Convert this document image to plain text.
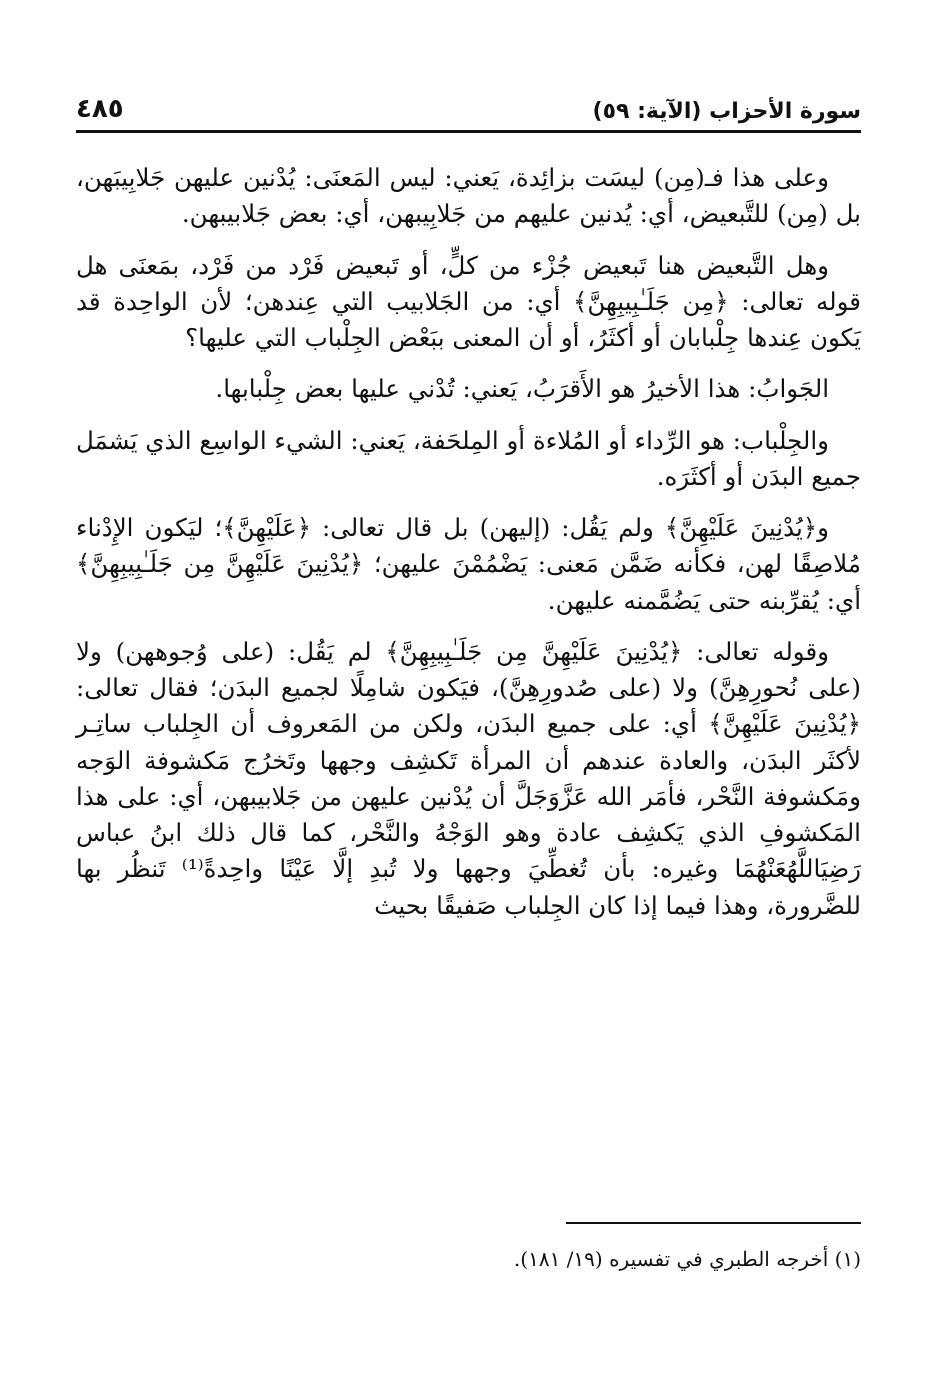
سورة الأحزاب (الآية: ٥٩)
٤٨٥

وعلى هذا فـ(مِن) ليسَت بزائِدة، يَعني: ليس المَعنَى: يُدْنين عليهن جَلابِيبَهن، بل (مِن) للتَّبعيض، أي: يُدنين عليهم من جَلابِيبهن، أي: بعض جَلابيبهن.

وهل التَّبعيض هنا تَبعيض جُزْء من كلٍّ، أو تَبعيض فَرْد من فَرْد، بمَعنَى هل قوله تعالى: ﴿مِن جَلَـٰبِيبِهِنَّ﴾ أي: من الجَلابيب التي عِندهن؛ لأن الواحِدة قد يَكون عِندها جِلْبابان أو أكثَرُ، أو أن المعنى ببَعْض الجِلْباب التي عليها؟

الجَوابُ: هذا الأخيرُ هو الأَقرَبُ، يَعني: تُدْني عليها بعض جِلْبابها.

والجِلْباب: هو الرِّداء أو المُلاءة أو المِلحَفة، يَعني: الشيء الواسِع الذي يَشمَل جميع البدَن أو أكثَرَه.

و﴿يُدْنِينَ عَلَيْهِنَّ﴾ ولم يَقُل: (إليهن) بل قال تعالى: ﴿عَلَيْهِنَّ﴾؛ ليَكون الإِدْناء مُلاصِقًا لهن، فكأنه ضَمَّن مَعنى: يَضْمُمْنَ عليهن؛ ﴿يُدْنِينَ عَلَيْهِنَّ مِن جَلَـٰبِيبِهِنَّ﴾ أي: يُقرِّبنه حتى يَضُمَّمنه عليهن.

وقوله تعالى: ﴿يُدْنِينَ عَلَيْهِنَّ مِن جَلَـٰبِيبِهِنَّ﴾ لم يَقُل: (على وُجوههن) ولا (على نُحورِهِنَّ) ولا (على صُدورِهِنَّ)، فيَكون شامِلًا لجميع البدَن؛ فقال تعالى: ﴿يُدْنِينَ عَلَيْهِنَّ﴾ أي: على جميع البدَن، ولكن من المَعروف أن الجِلباب ساتِـر لأكثَر البدَن، والعادة عندهم أن المرأة تَكشِف وجهها وتَخرُج مَكشوفة الوَجه ومَكشوفة النَّحْر، فأمَر الله عَزَّوَجَلَّ أن يُدْنين عليهن من جَلابيبهن، أي: على هذا المَكشوفِ الذي يَكشِف عادة وهو الوَجْهُ والنَّحْر، كما قال ذلك ابنُ عباس رَضِيَاللَّهُعَنْهُمَا وغيره: بأن تُغطِّيَ وجهها ولا تُبدِ إلَّا عَيْنًا واحِدةً⁽¹⁾ تَنظُر بها للضَّرورة، وهذا فيما إذا كان الجِلباب صَفيقًا بحيث

(١) أخرجه الطبري في تفسيره (١٩/ ١٨١).
